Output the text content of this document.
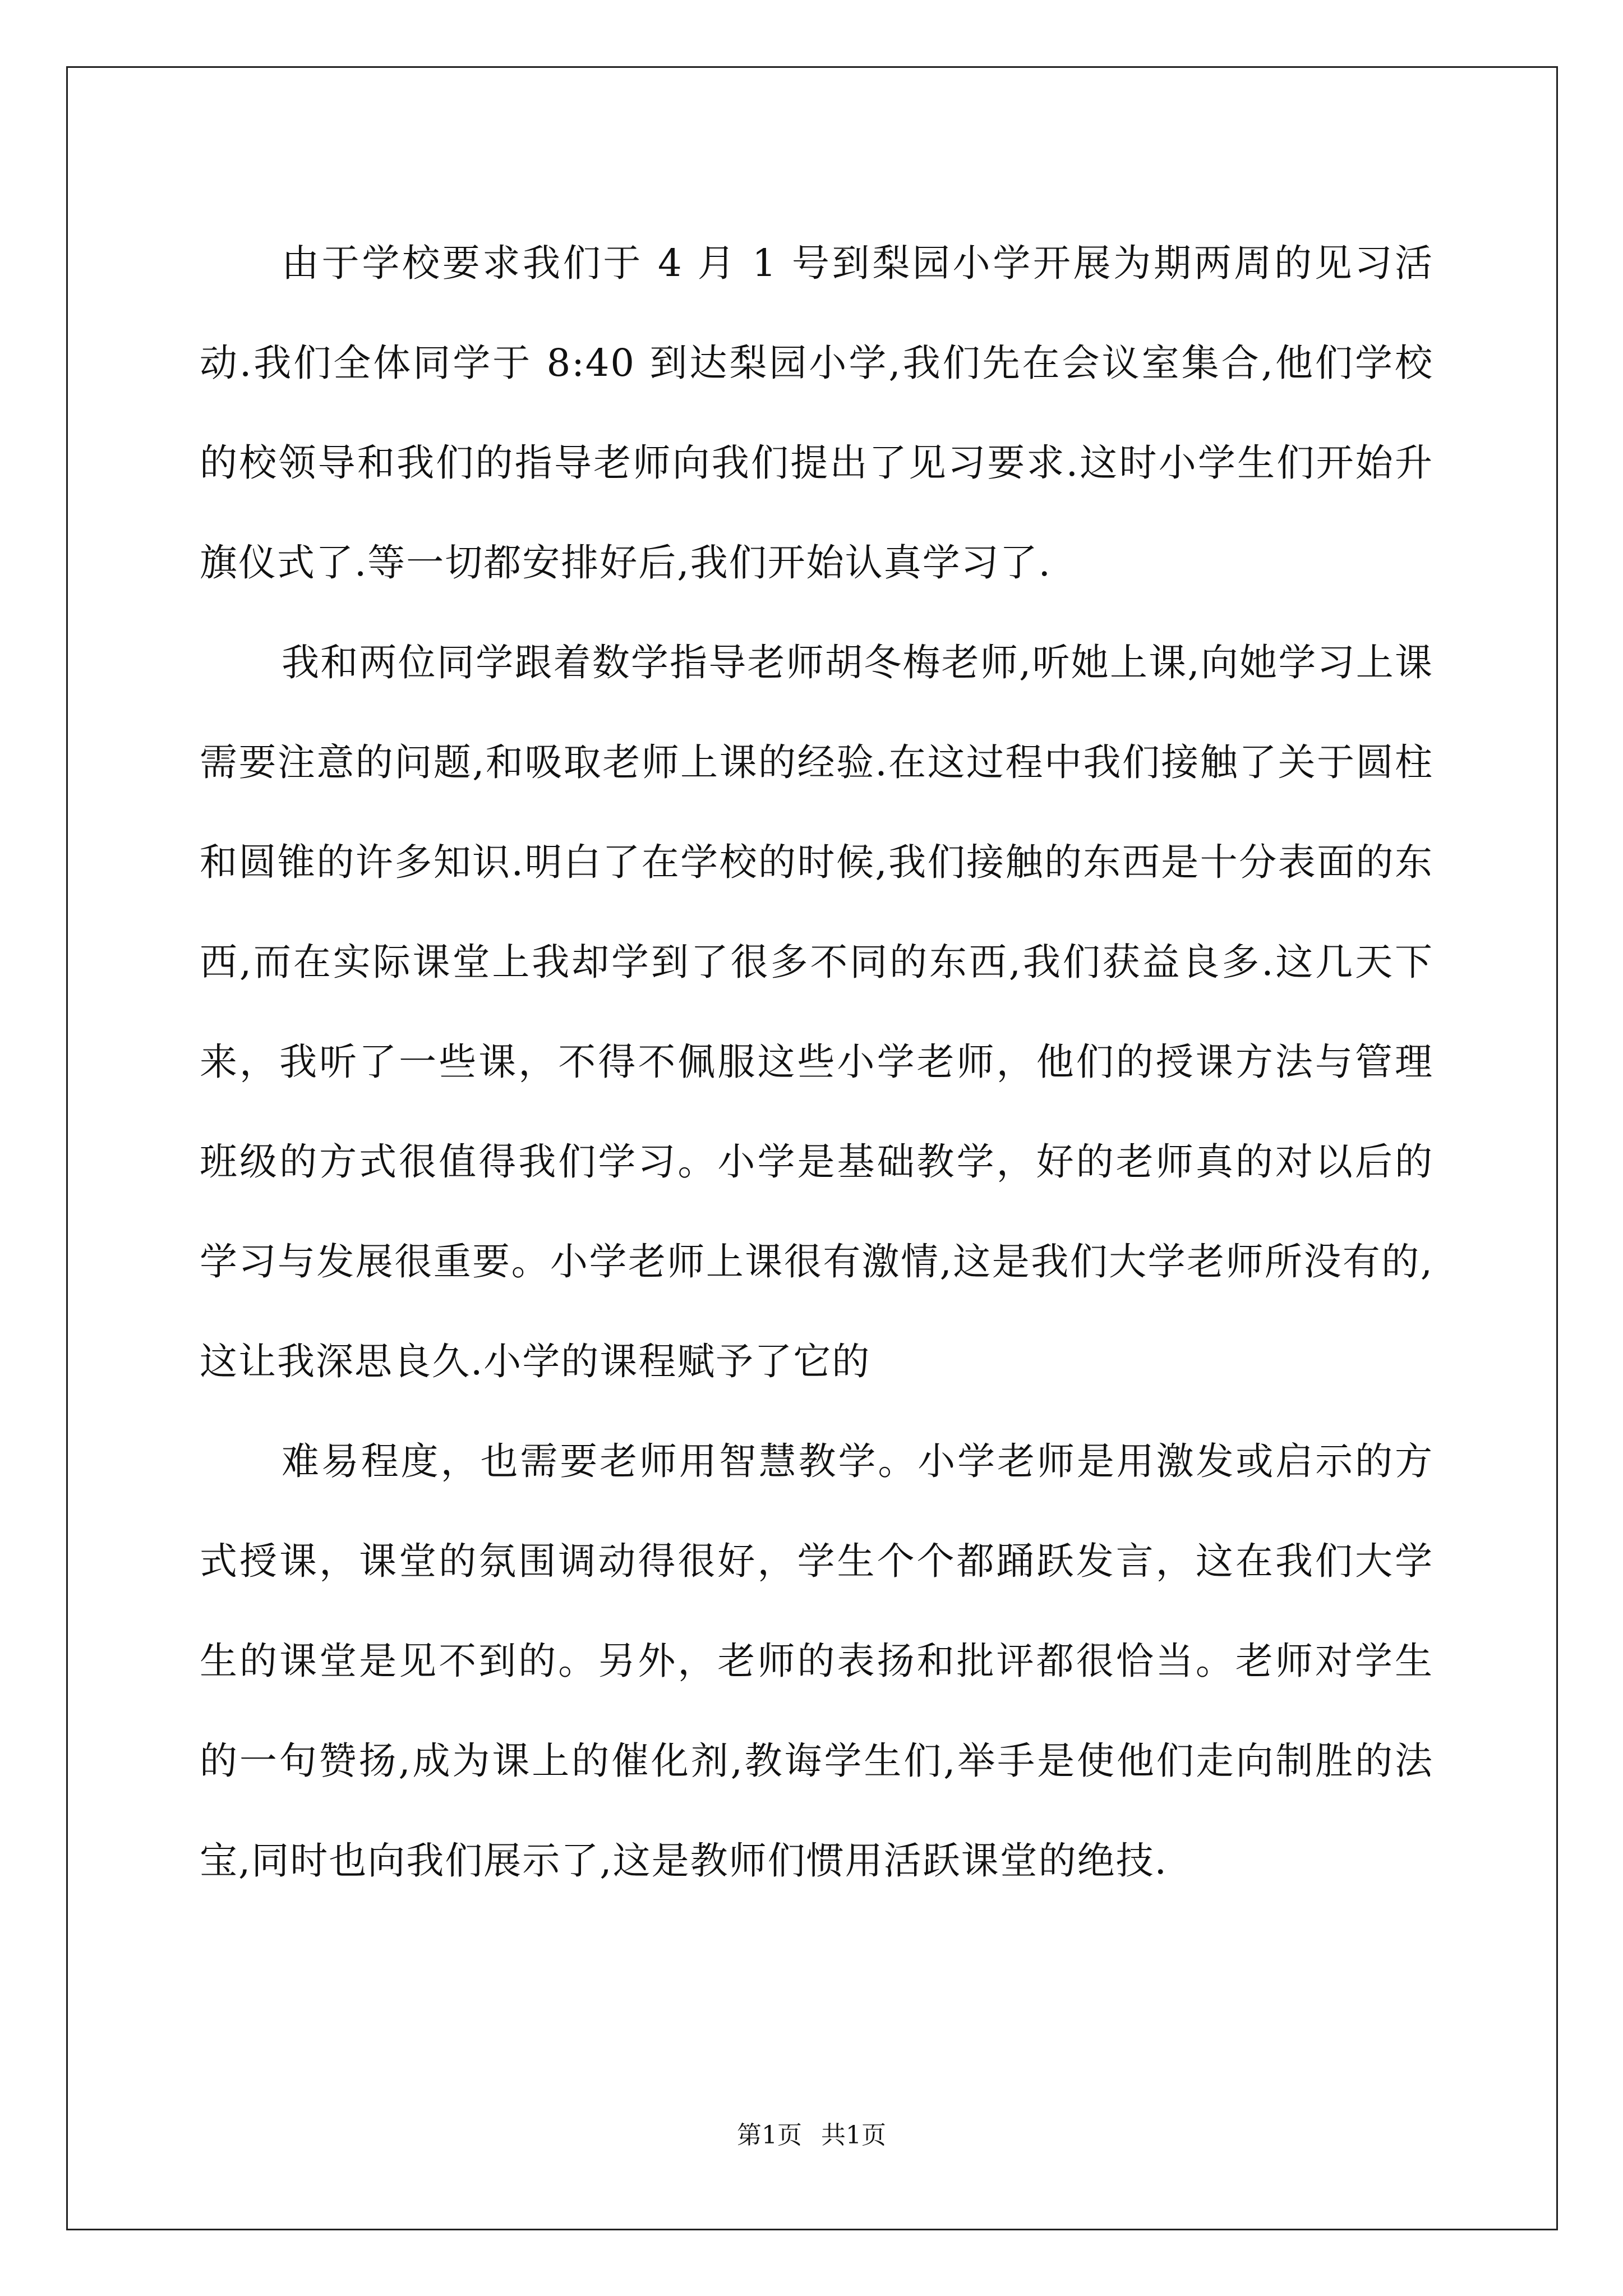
由于学校要求我们于 4 月 1 号到梨园小学开展为期两周的见习活动.我们全体同学于 8:40 到达梨园小学,我们先在会议室集合,他们学校的校领导和我们的指导老师向我们提出了见习要求.这时小学生们开始升旗仪式了.等一切都安排好后,我们开始认真学习了.

我和两位同学跟着数学指导老师胡冬梅老师,听她上课,向她学习上课需要注意的问题,和吸取老师上课的经验.在这过程中我们接触了关于圆柱和圆锥的许多知识.明白了在学校的时候,我们接触的东西是十分表面的东西,而在实际课堂上我却学到了很多不同的东西,我们获益良多.这几天下来，我听了一些课，不得不佩服这些小学老师，他们的授课方法与管理班级的方式很值得我们学习。小学是基础教学，好的老师真的对以后的学习与发展很重要。小学老师上课很有激情,这是我们大学老师所没有的,这让我深思良久.小学的课程赋予了它的

难易程度，也需要老师用智慧教学。小学老师是用激发或启示的方式授课，课堂的氛围调动得很好，学生个个都踊跃发言，这在我们大学生的课堂是见不到的。另外，老师的表扬和批评都很恰当。老师对学生的一句赞扬,成为课上的催化剂,教诲学生们,举手是使他们走向制胜的法宝,同时也向我们展示了,这是教师们惯用活跃课堂的绝技.

第1页 共1页
